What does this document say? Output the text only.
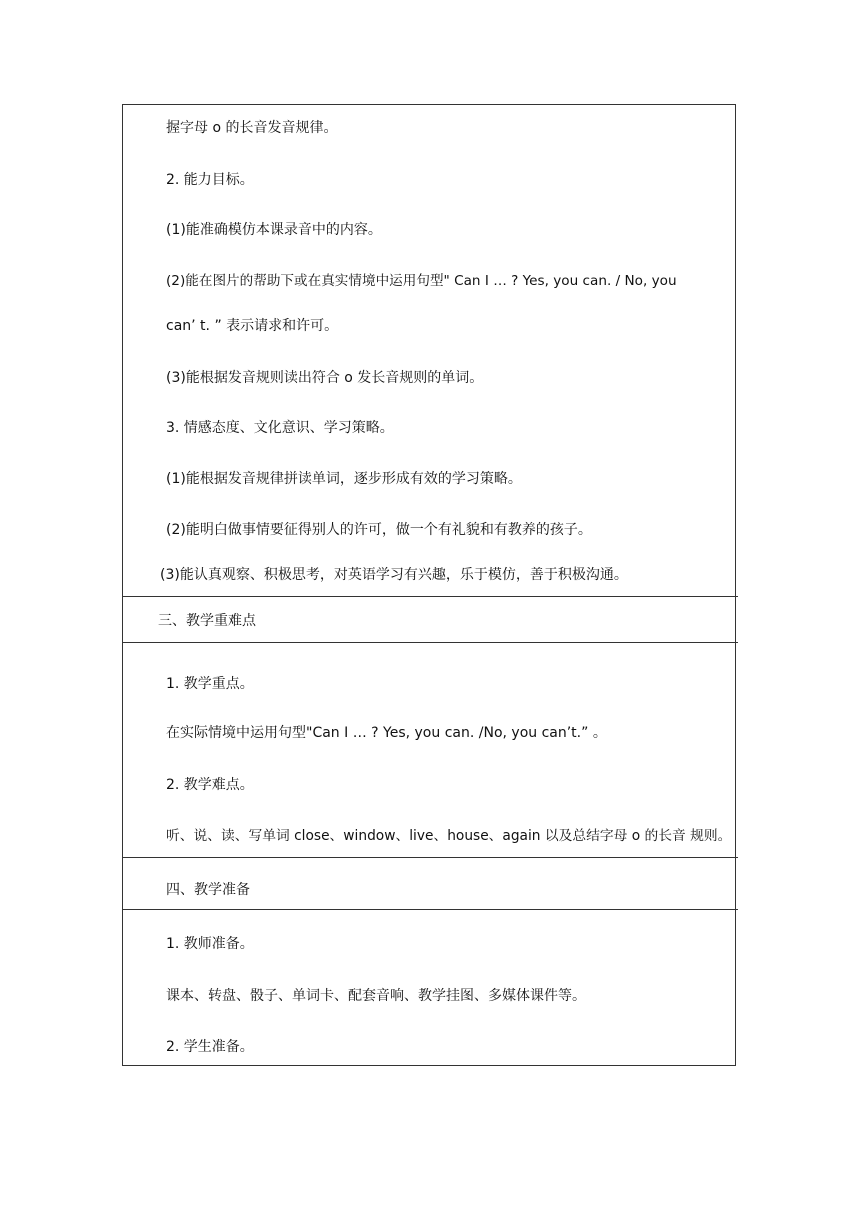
握字母 o 的长音发音规律。
2. 能力目标。
(1)能准确模仿本课录音中的内容。
(2)能在图片的帮助下或在真实情境中运用句型" Can I … ? Yes, you can. / No, you
can’ t. ” 表示请求和许可。
(3)能根据发音规则读出符合 o 发长音规则的单词。
3. 情感态度、文化意识、学习策略。
(1)能根据发音规律拼读单词，逐步形成有效的学习策略。
(2)能明白做事情要征得别人的许可，做一个有礼貌和有教养的孩子。
(3)能认真观察、积极思考，对英语学习有兴趣，乐于模仿，善于积极沟通。
三、教学重难点
1. 教学重点。
在实际情境中运用句型"Can I … ? Yes, you can. /No, you can’t.” 。
2. 教学难点。
听、说、读、写单词 close、window、live、house、again 以及总结字母 o 的长音 规则。
四、教学准备
1. 教师准备。
课本、转盘、骰子、单词卡、配套音响、教学挂图、多媒体课件等。
2. 学生准备。
